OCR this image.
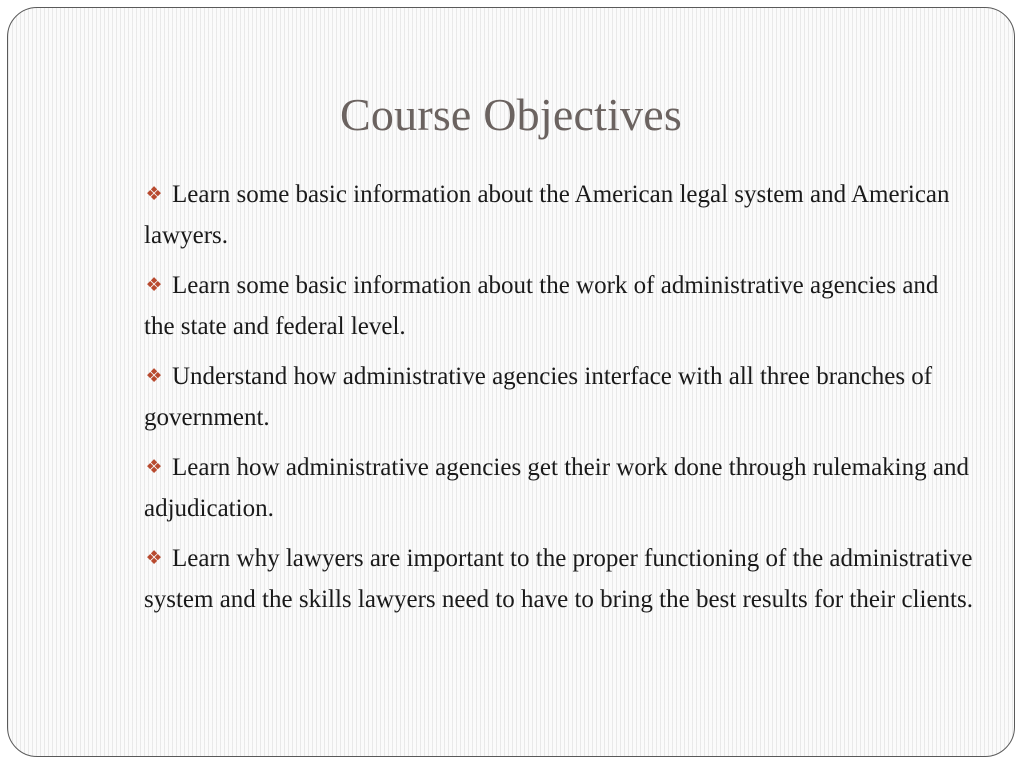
Course Objectives
❖ Learn some basic information about the American legal system and American lawyers.
❖ Learn some basic information about the work of administrative agencies and the state and federal level.
❖ Understand how administrative agencies interface with all three branches of government.
❖ Learn how administrative agencies get their work done through rulemaking and adjudication.
❖ Learn why lawyers are important to the proper functioning of the administrative system and the skills lawyers need to have to bring the best results for their clients.
